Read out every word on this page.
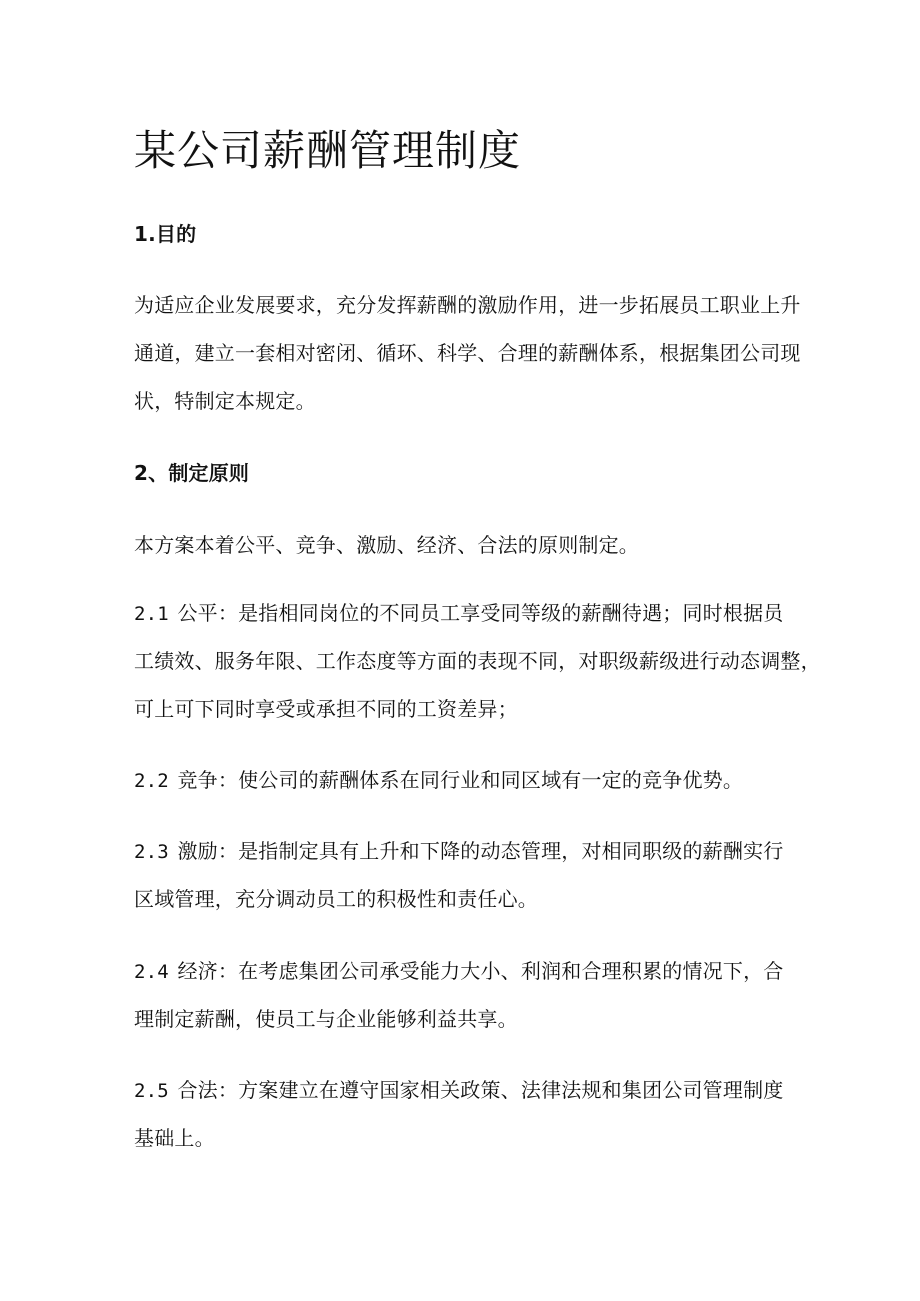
某公司薪酬管理制度
1.目的
为适应企业发展要求，充分发挥薪酬的激励作用，进一步拓展员工职业上升
通道，建立一套相对密闭、循环、科学、合理的薪酬体系，根据集团公司现
状，特制定本规定。
2、制定原则
本方案本着公平、竞争、激励、经济、合法的原则制定。
2.1 公平：是指相同岗位的不同员工享受同等级的薪酬待遇；同时根据员
工绩效、服务年限、工作态度等方面的表现不同，对职级薪级进行动态调整，
可上可下同时享受或承担不同的工资差异；
2.2 竞争：使公司的薪酬体系在同行业和同区域有一定的竞争优势。
2.3 激励：是指制定具有上升和下降的动态管理，对相同职级的薪酬实行
区域管理，充分调动员工的积极性和责任心。
2.4 经济：在考虑集团公司承受能力大小、利润和合理积累的情况下，合
理制定薪酬，使员工与企业能够利益共享。
2.5 合法：方案建立在遵守国家相关政策、法律法规和集团公司管理制度
基础上。
